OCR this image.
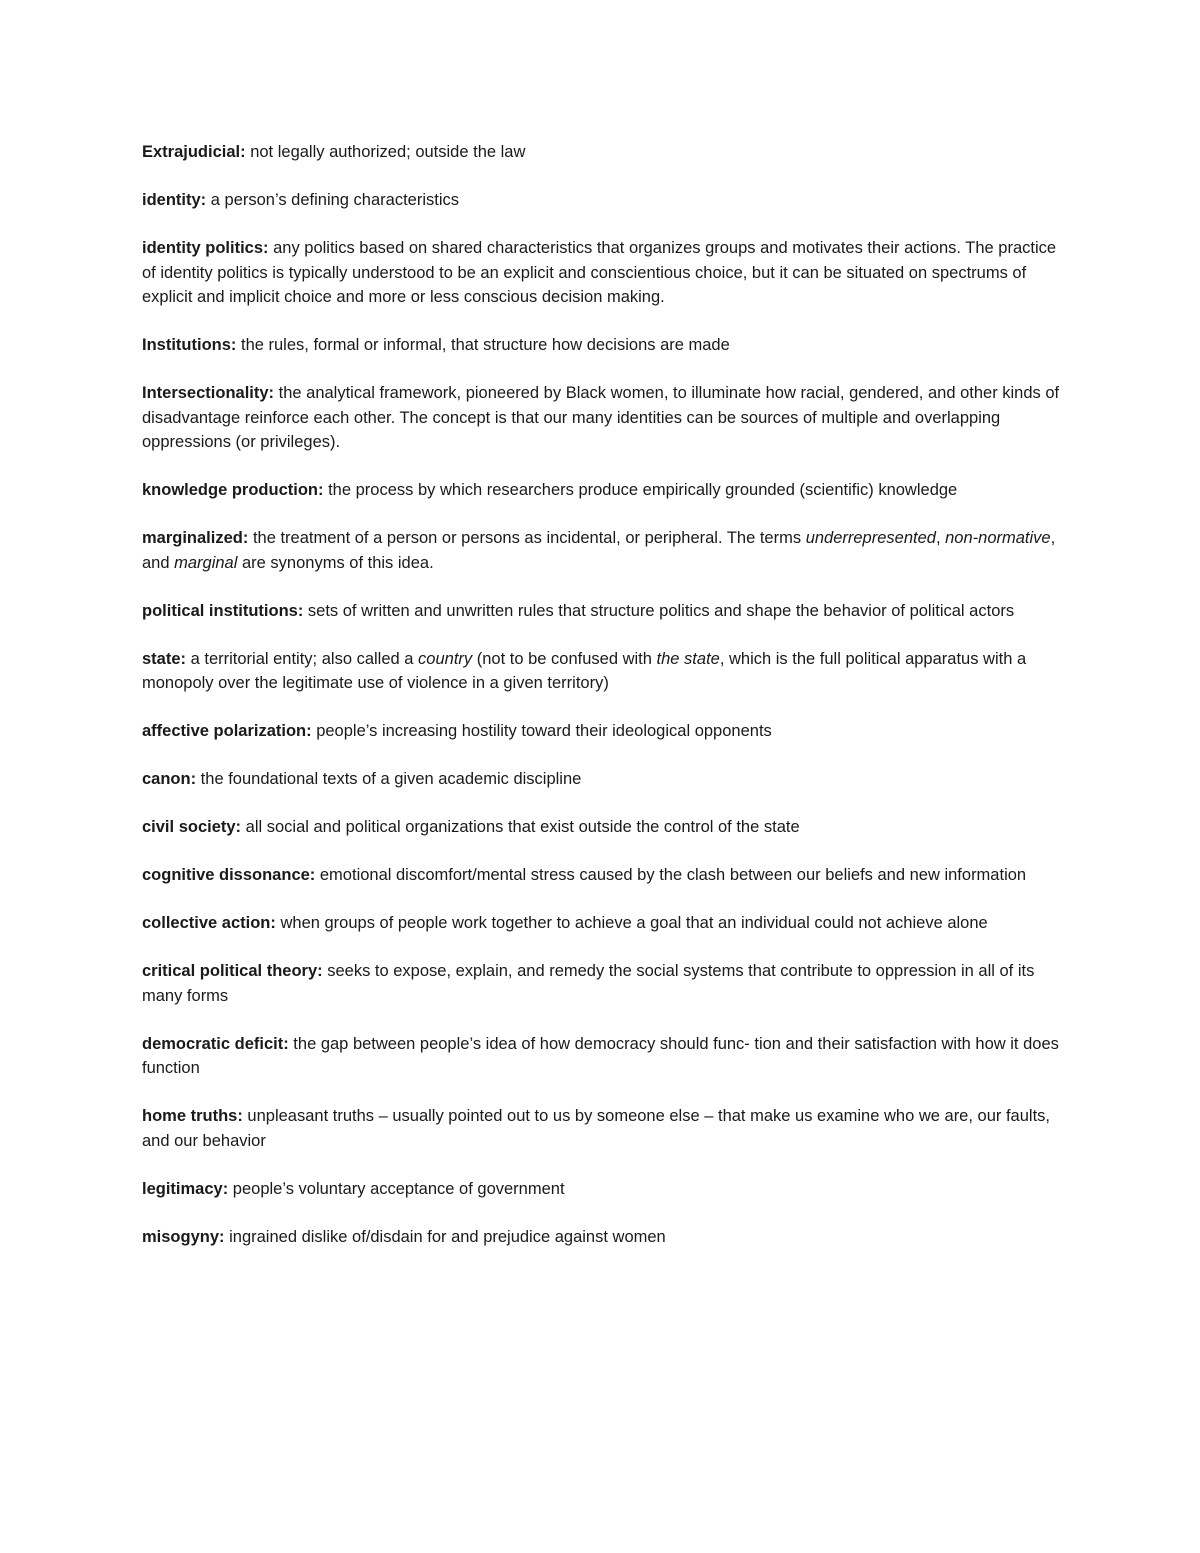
Extrajudicial: not legally authorized; outside the law

identity: a person’s defining characteristics

identity politics: any politics based on shared characteristics that organizes groups and motivates their actions. The practice of identity politics is typically understood to be an explicit and conscientious choice, but it can be situated on spectrums of explicit and implicit choice and more or less conscious decision making.

Institutions: the rules, formal or informal, that structure how decisions are made

Intersectionality: the analytical framework, pioneered by Black women, to illuminate how racial, gendered, and other kinds of disadvantage reinforce each other. The concept is that our many identities can be sources of multiple and overlapping oppressions (or privileges).

knowledge production: the process by which researchers produce empirically grounded (scientific) knowledge

marginalized: the treatment of a person or persons as incidental, or peripheral. The terms underrepresented, non-normative, and marginal are synonyms of this idea.

political institutions: sets of written and unwritten rules that structure politics and shape the behavior of political actors

state: a territorial entity; also called a country (not to be confused with the state, which is the full political apparatus with a monopoly over the legitimate use of violence in a given territory)

affective polarization: people’s increasing hostility toward their ideological opponents

canon: the foundational texts of a given academic discipline

civil society: all social and political organizations that exist outside the control of the state

cognitive dissonance: emotional discomfort/mental stress caused by the clash between our beliefs and new information

collective action: when groups of people work together to achieve a goal that an individual could not achieve alone

critical political theory: seeks to expose, explain, and remedy the social systems that contribute to oppression in all of its many forms

democratic deficit: the gap between people’s idea of how democracy should func- tion and their satisfaction with how it does function

home truths: unpleasant truths – usually pointed out to us by someone else – that make us examine who we are, our faults, and our behavior

legitimacy: people’s voluntary acceptance of government

misogyny: ingrained dislike of/disdain for and prejudice against women
